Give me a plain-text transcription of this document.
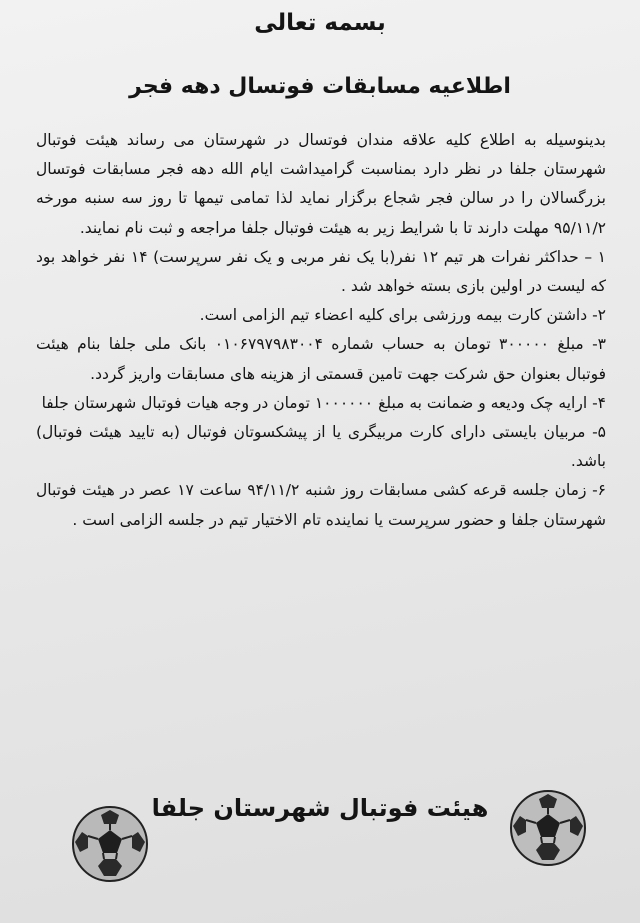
بسمه تعالی
اطلاعیه مسابقات فوتسال دهه فجر

بدینوسیله به اطلاع کلیه علاقه مندان فوتسال در شهرستان می رساند هیئت فوتبال شهرستان جلفا در نظر دارد بمناسبت گرامیداشت ایام الله دهه فجر مسابقات فوتسال بزرگسالان را در سالن فجر شجاع برگزار نماید لذا تمامی تیمها تا روز سه سنبه مورخه ۹۵/۱۱/۲ مهلت دارند تا با شرایط زیر به هیئت فوتبال جلفا مراجعه و ثبت نام نمایند.

۱ – حداکثر نفرات هر تیم ۱۲ نفر(با یک نفر مربی و یک نفر سرپرست) ۱۴ نفر خواهد بود که لیست در اولین بازی بسته خواهد شد .

۲- داشتن کارت بیمه ورزشی برای کلیه اعضاء تیم الزامی است.

۳- مبلغ ۳۰۰۰۰۰ تومان به حساب شماره ۰۱۰۶۷۹۷۹۸۳۰۰۴ بانک ملی جلفا بنام هیئت فوتبال بعنوان حق شرکت جهت تامین قسمتی از هزینه های مسابقات واریز گردد.

۴- ارایه چک ودیعه و ضمانت به مبلغ ۱۰۰۰۰۰۰ تومان در وجه هیات فوتبال شهرستان جلفا

۵- مربیان بایستی دارای کارت مربیگری یا از پیشکسوتان فوتبال (به تایید هیئت فوتبال) باشد.

۶- زمان جلسه قرعه کشی مسابقات روز شنبه ۹۴/۱۱/۲ ساعت ۱۷ عصر در هیئت فوتبال شهرستان جلفا و حضور سرپرست یا نماینده تام الاختیار تیم در جلسه الزامی است .

هیئت فوتبال شهرستان جلفا
